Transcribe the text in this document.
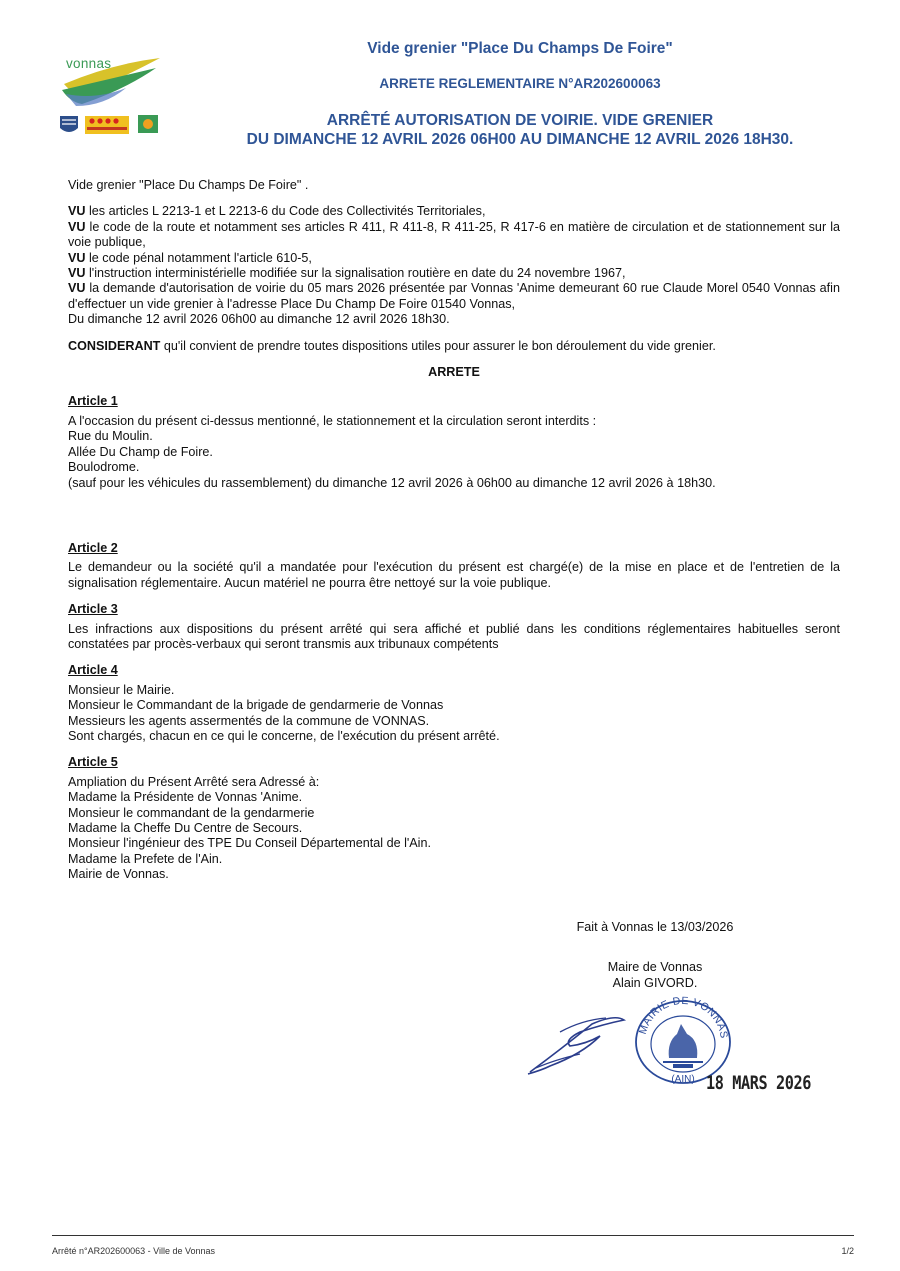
vonnas

Vide grenier "Place Du Champs De Foire"

ARRETE REGLEMENTAIRE N°AR202600063

ARRÊTÉ AUTORISATION DE VOIRIE. VIDE GRENIER
DU DIMANCHE 12 AVRIL 2026 06H00 AU DIMANCHE 12 AVRIL 2026 18H30.

Vide grenier "Place Du Champs De Foire" .

VU les articles L 2213-1 et L 2213-6 du Code des Collectivités Territoriales,

VU le code de la route et notamment ses articles R 411, R 411-8, R 411-25, R 417-6 en matière de circulation et de stationnement sur la voie publique,

VU le code pénal notamment l'article 610-5,

VU l'instruction interministérielle modifiée sur la signalisation routière en date du 24 novembre 1967,

VU la demande d'autorisation de voirie du 05 mars 2026 présentée par Vonnas 'Anime demeurant 60 rue Claude Morel 0540 Vonnas afin d'effectuer un vide grenier à l'adresse Place Du Champ De Foire 01540 Vonnas,

Du dimanche 12 avril 2026 06h00 au dimanche 12 avril 2026 18h30.

CONSIDERANT qu'il convient de prendre toutes dispositions utiles pour assurer le bon déroulement du vide grenier.

ARRETE

Article 1

A l'occasion du présent ci-dessus mentionné, le stationnement et la circulation seront interdits :

Rue du Moulin.

Allée Du Champ de Foire.

Boulodrome.

(sauf pour les véhicules du rassemblement) du dimanche 12 avril 2026 à 06h00 au dimanche 12 avril 2026 à 18h30.

Article 2

Le demandeur ou la société qu'il a mandatée pour l'exécution du présent est chargé(e) de la mise en place et de l'entretien de la signalisation réglementaire. Aucun matériel ne pourra être nettoyé sur la voie publique.

Article 3

Les infractions aux dispositions du présent arrêté qui sera affiché et publié dans les conditions réglementaires habituelles seront constatées par procès-verbaux qui seront transmis aux tribunaux compétents

Article 4

Monsieur le Mairie.

Monsieur le Commandant de la brigade de gendarmerie de Vonnas

Messieurs les agents assermentés de la commune de VONNAS.

Sont chargés, chacun en ce qui le concerne, de l'exécution du présent arrêté.

Article 5

Ampliation du Présent Arrêté sera Adressé à:

Madame la Présidente de Vonnas 'Anime.

Monsieur le commandant de la gendarmerie

Madame la Cheffe Du Centre de Secours.

Monsieur l'ingénieur des TPE Du Conseil Départemental de l'Ain.

Madame la Prefete de l'Ain.

Mairie de Vonnas.

Fait à Vonnas le 13/03/2026
Maire de Vonnas
Alain GIVORD.
MAIRIE DE VONNAS
(AIN) 18 MARS 2026
Arrêté n°AR202600063 - Ville de Vonnas	1/2
